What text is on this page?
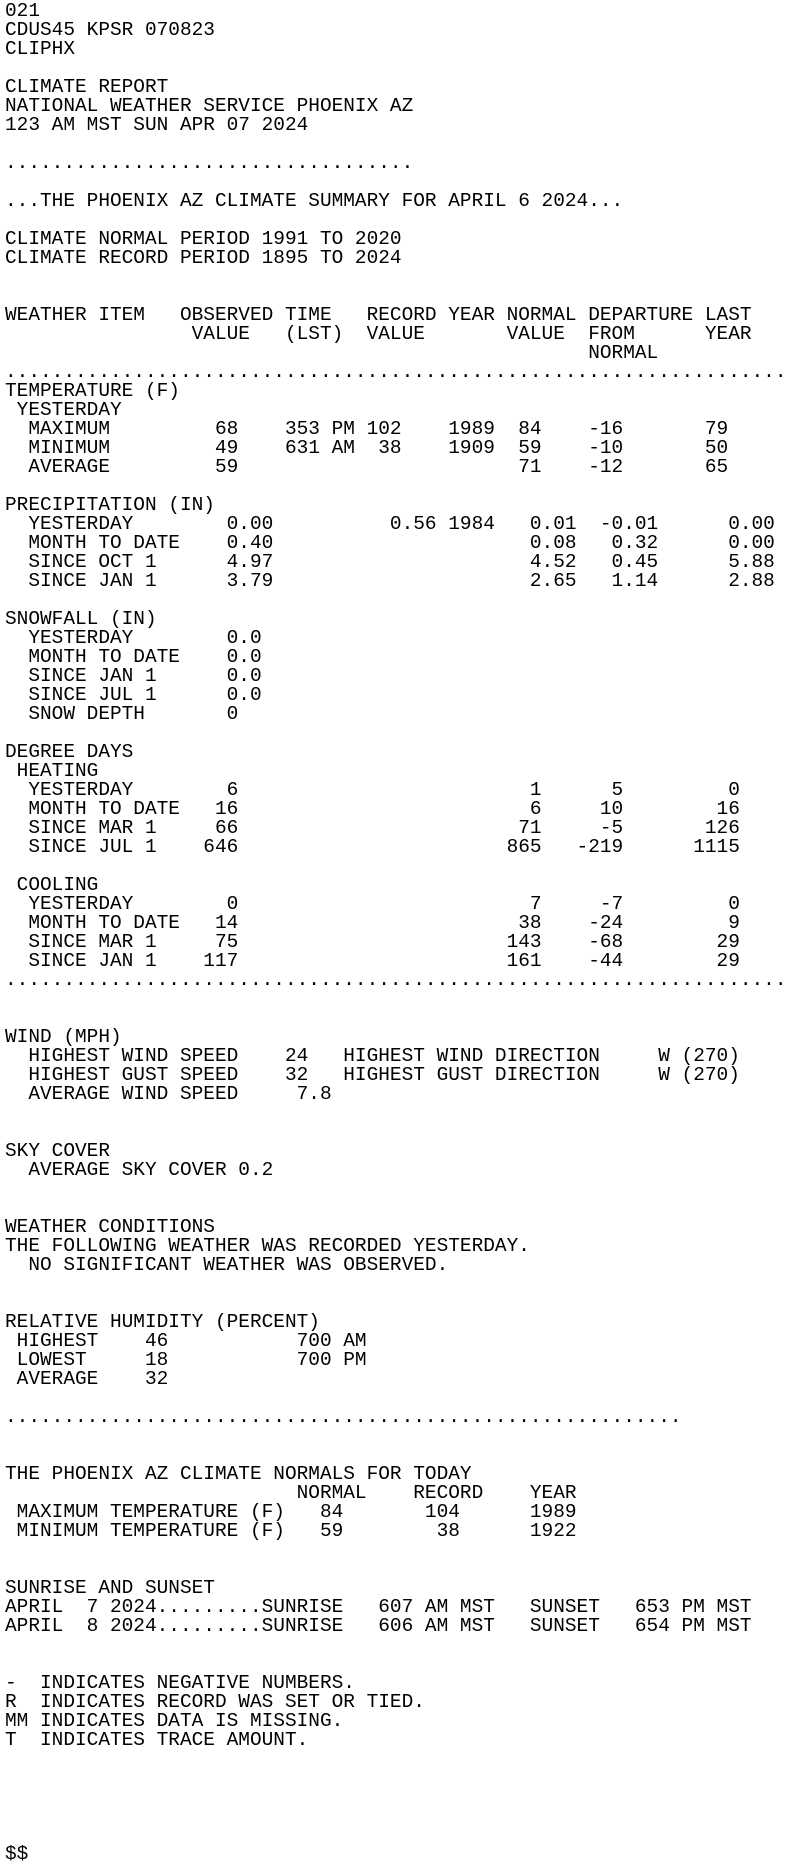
021
CDUS45 KPSR 070823
CLIPHX
CLIMATE REPORT
NATIONAL WEATHER SERVICE PHOENIX AZ
123 AM MST SUN APR 07 2024
...................................
...THE PHOENIX AZ CLIMATE SUMMARY FOR APRIL 6 2024...
CLIMATE NORMAL PERIOD 1991 TO 2020
CLIMATE RECORD PERIOD 1895 TO 2024
WEATHER ITEM   OBSERVED TIME   RECORD YEAR NORMAL DEPARTURE LAST
VALUE   (LST)  VALUE       VALUE  FROM      YEAR
NORMAL
...................................................................
TEMPERATURE (F)
YESTERDAY
MAXIMUM         68    353 PM 102    1989  84    -16       79
MINIMUM         49    631 AM  38    1909  59    -10       50
AVERAGE         59                        71    -12       65
PRECIPITATION (IN)
YESTERDAY        0.00          0.56 1984   0.01  -0.01      0.00
MONTH TO DATE    0.40                      0.08   0.32      0.00
SINCE OCT 1      4.97                      4.52   0.45      5.88
SINCE JAN 1      3.79                      2.65   1.14      2.88
SNOWFALL (IN)
YESTERDAY        0.0
MONTH TO DATE    0.0
SINCE JAN 1      0.0
SINCE JUL 1      0.0
SNOW DEPTH       0
DEGREE DAYS
HEATING
YESTERDAY        6                         1      5         0
MONTH TO DATE   16                         6     10        16
SINCE MAR 1     66                        71     -5       126
SINCE JUL 1    646                       865   -219      1115
COOLING
YESTERDAY        0                         7     -7         0
MONTH TO DATE   14                        38    -24         9
SINCE MAR 1     75                       143    -68        29
SINCE JAN 1    117                       161    -44        29
...................................................................
WIND (MPH)
HIGHEST WIND SPEED    24   HIGHEST WIND DIRECTION     W (270)
HIGHEST GUST SPEED    32   HIGHEST GUST DIRECTION     W (270)
AVERAGE WIND SPEED     7.8
SKY COVER
AVERAGE SKY COVER 0.2
WEATHER CONDITIONS
THE FOLLOWING WEATHER WAS RECORDED YESTERDAY.
NO SIGNIFICANT WEATHER WAS OBSERVED.
RELATIVE HUMIDITY (PERCENT)
HIGHEST    46           700 AM
LOWEST     18           700 PM
AVERAGE    32
..........................................................
THE PHOENIX AZ CLIMATE NORMALS FOR TODAY
NORMAL    RECORD    YEAR
MAXIMUM TEMPERATURE (F)   84       104      1989
MINIMUM TEMPERATURE (F)   59        38      1922
SUNRISE AND SUNSET
APRIL  7 2024.........SUNRISE   607 AM MST   SUNSET   653 PM MST
APRIL  8 2024.........SUNRISE   606 AM MST   SUNSET   654 PM MST
-  INDICATES NEGATIVE NUMBERS.
R  INDICATES RECORD WAS SET OR TIED.
MM INDICATES DATA IS MISSING.
T  INDICATES TRACE AMOUNT.
$$
